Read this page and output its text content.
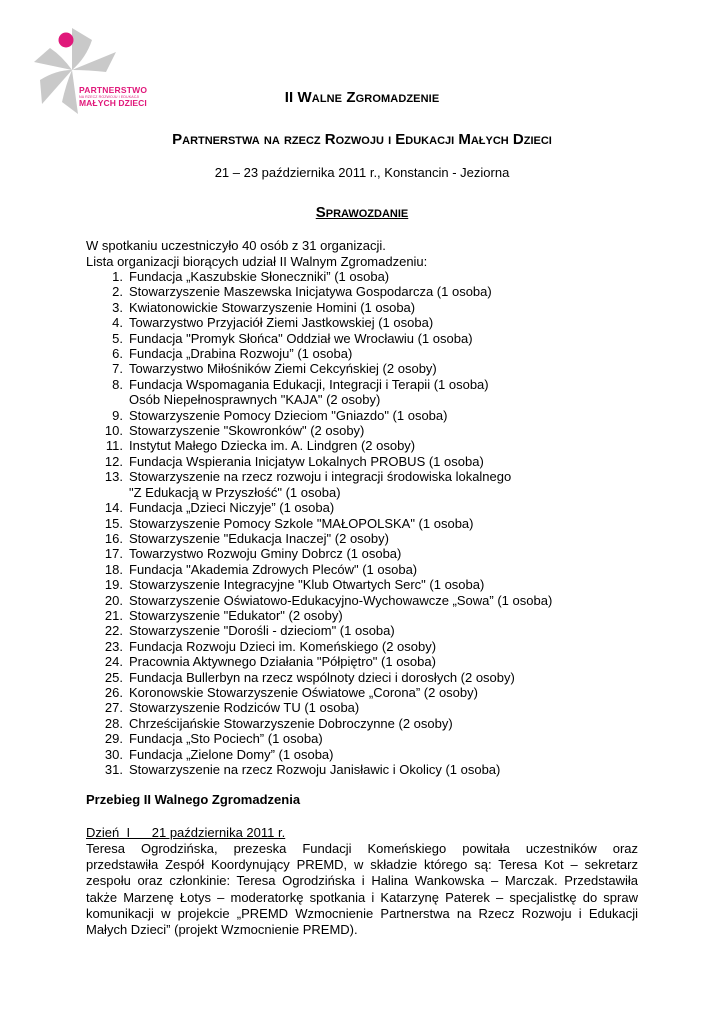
PARTNERSTWO
NA RZECZ ROZWOJU I EDUKACJI
MAŁYCH DZIECI	II Walne Zgromadzenie
Partnerstwa na rzecz Rozwoju i Edukacji Małych Dzieci
21 – 23 października 2011 r., Konstancin - Jeziorna
Sprawozdanie
W spotkaniu uczestniczyło 40 osób z 31 organizacji.
Lista organizacji biorących udział II Walnym Zgromadzeniu:
1. Fundacja „Kaszubskie Słoneczniki” (1 osoba)
2. Stowarzyszenie Maszewska Inicjatywa Gospodarcza (1 osoba)
3. Kwiatonowickie Stowarzyszenie Homini (1 osoba)
4. Towarzystwo Przyjaciół Ziemi Jastkowskiej (1 osoba)
5. Fundacja "Promyk Słońca" Oddział we Wrocławiu (1 osoba)
6. Fundacja „Drabina Rozwoju” (1 osoba)
7. Towarzystwo Miłośników Ziemi Cekcyńskiej (2 osoby)
8. Fundacja Wspomagania Edukacji, Integracji i Terapii (1 osoba)
Osób Niepełnosprawnych "KAJA" (2 osoby)
9. Stowarzyszenie Pomocy Dzieciom "Gniazdo" (1 osoba)
10. Stowarzyszenie "Skowronków" (2 osoby)
11. Instytut Małego Dziecka im. A. Lindgren (2 osoby)
12. Fundacja Wspierania Inicjatyw Lokalnych PROBUS (1 osoba)
13. Stowarzyszenie na rzecz rozwoju i integracji środowiska lokalnego
"Z Edukacją w Przyszłość" (1 osoba)
14. Fundacja „Dzieci Niczyje” (1 osoba)
15. Stowarzyszenie Pomocy Szkole "MAŁOPOLSKA" (1 osoba)
16. Stowarzyszenie "Edukacja Inaczej" (2 osoby)
17. Towarzystwo Rozwoju Gminy Dobrcz (1 osoba)
18. Fundacja "Akademia Zdrowych Pleców" (1 osoba)
19. Stowarzyszenie Integracyjne "Klub Otwartych Serc" (1 osoba)
20. Stowarzyszenie Oświatowo-Edukacyjno-Wychowawcze „Sowa” (1 osoba)
21. Stowarzyszenie "Edukator" (2 osoby)
22. Stowarzyszenie "Dorośli - dzieciom" (1 osoba)
23. Fundacja Rozwoju Dzieci im. Komeńskiego (2 osoby)
24. Pracownia Aktywnego Działania "Półpiętro" (1 osoba)
25. Fundacja Bullerbyn na rzecz wspólnoty dzieci i dorosłych (2 osoby)
26. Koronowskie Stowarzyszenie Oświatowe „Corona” (2 osoby)
27. Stowarzyszenie Rodziców TU (1 osoba)
28. Chrześcijańskie Stowarzyszenie Dobroczynne (2 osoby)
29. Fundacja „Sto Pociech” (1 osoba)
30. Fundacja „Zielone Domy” (1 osoba)
31. Stowarzyszenie na rzecz Rozwoju Janisławic i Okolicy (1 osoba)
Przebieg II Walnego Zgromadzenia
Dzień  I      21 października 2011 r.
Teresa Ogrodzińska, prezeska Fundacji Komeńskiego powitała uczestników oraz
przedstawiła Zespół Koordynujący PREMD, w składzie którego są: Teresa Kot – sekretarz
zespołu oraz członkinie: Teresa Ogrodzińska i Halina Wankowska – Marczak. Przedstawiła
także Marzenę Łotys – moderatorkę spotkania i Katarzynę Paterek – specjalistkę do spraw
komunikacji w projekcie „PREMD Wzmocnienie Partnerstwa na Rzecz Rozwoju i Edukacji
Małych Dzieci” (projekt Wzmocnienie PREMD).
